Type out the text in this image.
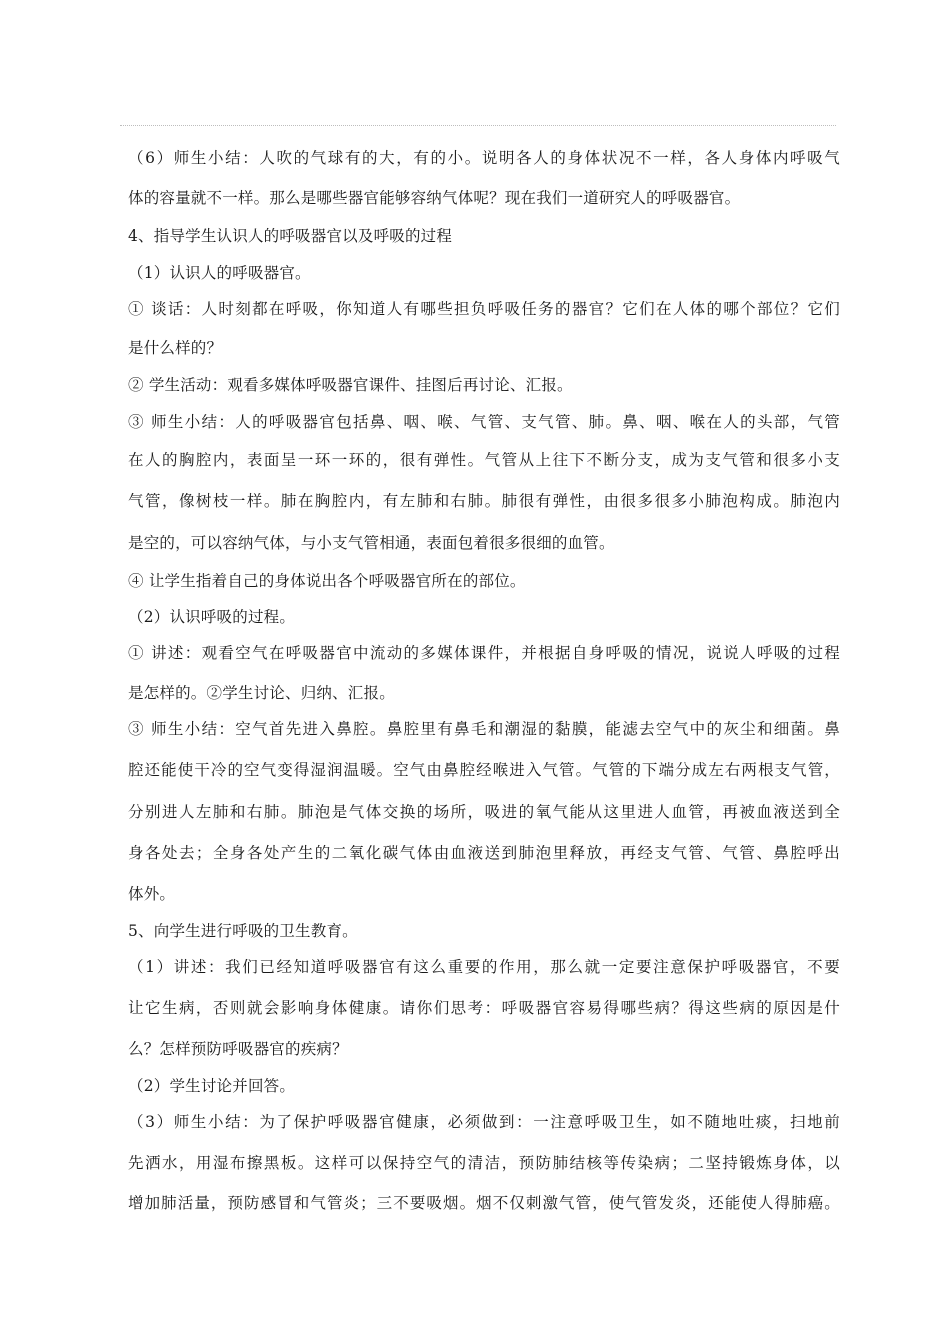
（6）师生小结：人吹的气球有的大，有的小。说明各人的身体状况不一样，各人身体内呼吸气
体的容量就不一样。那么是哪些器官能够容纳气体呢？现在我们一道研究人的呼吸器官。
4、指导学生认识人的呼吸器官以及呼吸的过程
（1）认识人的呼吸器官。
① 谈话：人时刻都在呼吸，你知道人有哪些担负呼吸任务的器官？它们在人体的哪个部位？它们
是什么样的？
② 学生活动：观看多媒体呼吸器官课件、挂图后再讨论、汇报。
③ 师生小结：人的呼吸器官包括鼻、咽、喉、气管、支气管、肺。鼻、咽、喉在人的头部，气管
在人的胸腔内，表面呈一环一环的，很有弹性。气管从上往下不断分支，成为支气管和很多小支
气管，像树枝一样。肺在胸腔内，有左肺和右肺。肺很有弹性，由很多很多小肺泡构成。肺泡内
是空的，可以容纳气体，与小支气管相通，表面包着很多很细的血管。
④ 让学生指着自己的身体说出各个呼吸器官所在的部位。
（2）认识呼吸的过程。
① 讲述：观看空气在呼吸器官中流动的多媒体课件，并根据自身呼吸的情况，说说人呼吸的过程
是怎样的。②学生讨论、归纳、汇报。
③ 师生小结：空气首先进入鼻腔。鼻腔里有鼻毛和潮湿的黏膜，能滤去空气中的灰尘和细菌。鼻
腔还能使干冷的空气变得湿润温暖。空气由鼻腔经喉进入气管。气管的下端分成左右两根支气管，
分别进人左肺和右肺。肺泡是气体交换的场所，吸进的氧气能从这里进人血管，再被血液送到全
身各处去；全身各处产生的二氧化碳气体由血液送到肺泡里释放，再经支气管、气管、鼻腔呼出
体外。
5、向学生进行呼吸的卫生教育。
（1）讲述：我们已经知道呼吸器官有这么重要的作用，那么就一定要注意保护呼吸器官，不要
让它生病，否则就会影响身体健康。请你们思考：呼吸器官容易得哪些病？得这些病的原因是什
么？怎样预防呼吸器官的疾病？
（2）学生讨论并回答。
（3）师生小结：为了保护呼吸器官健康，必须做到：一注意呼吸卫生，如不随地吐痰，扫地前
先洒水，用湿布擦黑板。这样可以保持空气的清洁，预防肺结核等传染病；二坚持锻炼身体，以
增加肺活量，预防感冒和气管炎；三不要吸烟。烟不仅刺激气管，使气管发炎，还能使人得肺癌。
